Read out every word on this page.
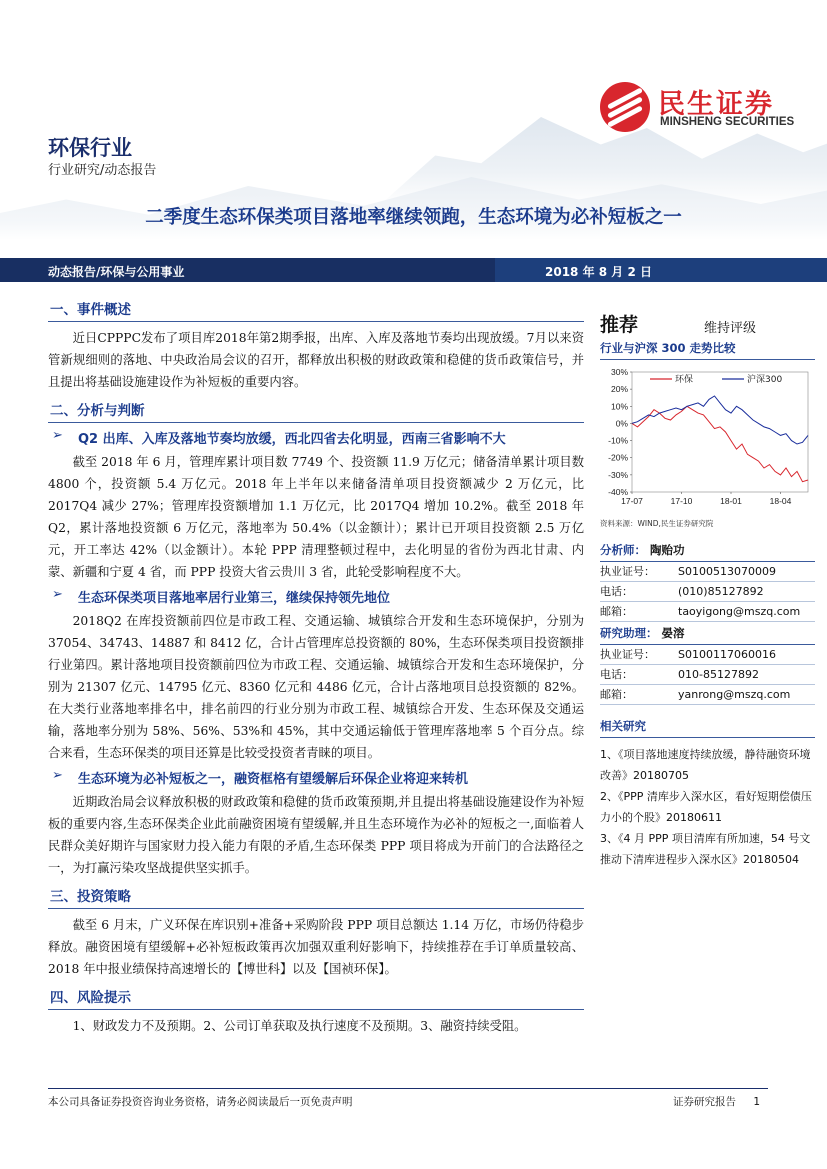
民生证券
MINSHENG SECURITIES
环保行业
行业研究/动态报告
二季度生态环保类项目落地率继续领跑，生态环境为必补短板之一
动态报告/环保与公用事业	2018 年 8 月 2 日
一、事件概述

近日CPPPC发布了项目库2018年第2期季报，出库、入库及落地节奏均出现放缓。7月以来资管新规细则的落地、中央政治局会议的召开，都释放出积极的财政政策和稳健的货币政策信号，并且提出将基础设施建设作为补短板的重要内容。

二、分析与判断
➢ Q2 出库、入库及落地节奏均放缓，西北四省去化明显，西南三省影响不大

截至 2018 年 6 月，管理库累计项目数 7749 个、投资额 11.9 万亿元；储备清单累计项目数 4800 个，投资额 5.4 万亿元。2018 年上半年以来储备清单项目投资额减少 2 万亿元，比2017Q4 减少 27%；管理库投资额增加 1.1 万亿元，比 2017Q4 增加 10.2%。截至 2018 年 Q2，累计落地投资额 6 万亿元，落地率为 50.4%（以金额计）；累计已开项目投资额 2.5 万亿元，开工率达 42%（以金额计）。本轮 PPP 清理整顿过程中，去化明显的省份为西北甘肃、内蒙、新疆和宁夏 4 省，而 PPP 投资大省云贵川 3 省，此轮受影响程度不大。

➢ 生态环保类项目落地率居行业第三，继续保持领先地位

2018Q2 在库投资额前四位是市政工程、交通运输、城镇综合开发和生态环境保护，分别为 37054、34743、14887 和 8412 亿，合计占管理库总投资额的 80%，生态环保类项目投资额排行业第四。累计落地项目投资额前四位为市政工程、交通运输、城镇综合开发和生态环境保护，分别为 21307 亿元、14795 亿元、8360 亿元和 4486 亿元，合计占落地项目总投资额的 82%。在大类行业落地率排名中，排名前四的行业分别为市政工程、城镇综合开发、生态环保及交通运输，落地率分别为 58%、56%、53%和 45%，其中交通运输低于管理库落地率 5 个百分点。综合来看，生态环保类的项目还算是比较受投资者青睐的项目。

➢ 生态环境为必补短板之一，融资框格有望缓解后环保企业将迎来转机

近期政治局会议释放积极的财政政策和稳健的货币政策预期,并且提出将基础设施建设作为补短板的重要内容,生态环保类企业此前融资困境有望缓解,并且生态环境作为必补的短板之一,面临着人民群众美好期许与国家财力投入能力有限的矛盾,生态环保类 PPP 项目将成为开前门的合法路径之一，为打赢污染攻坚战提供坚实抓手。

三、投资策略

截至 6 月末，广义环保在库识别+准备+采购阶段 PPP 项目总额达 1.14 万亿，市场仍待稳步释放。融资困境有望缓解+必补短板政策再次加强双重利好影响下，持续推荐在手订单质量较高、2018 年中报业绩保持高速增长的【博世科】以及【国祯环保】。

四、风险提示

1、财政发力不及预期。2、公司订单获取及执行速度不及预期。3、融资持续受阻。

推荐	维持评级
行业与沪深 300 走势比较
30%
20%
10%
0%
-10%
-20%
-30%
-40%
17-07	17-10	18-01	18-04
环保	沪深300
资料来源：WIND,民生证券研究院
分析师： 陶贻功
执业证号：	S0100513070009
电话：	(010)85127892
邮箱：	taoyigong@mszq.com
研究助理： 晏溶
执业证号：	S0100117060016
电话：	010-85127892
邮箱：	yanrong@mszq.com
相关研究
1、《项目落地速度持续放缓，静待融资环境改善》20180705
2、《PPP 清库步入深水区，看好短期偿债压力小的个股》20180611
3、《4 月 PPP 项目清库有所加速，54 号文推动下清库进程步入深水区》20180504
本公司具备证券投资咨询业务资格，请务必阅读最后一页免责声明	证券研究报告 1
